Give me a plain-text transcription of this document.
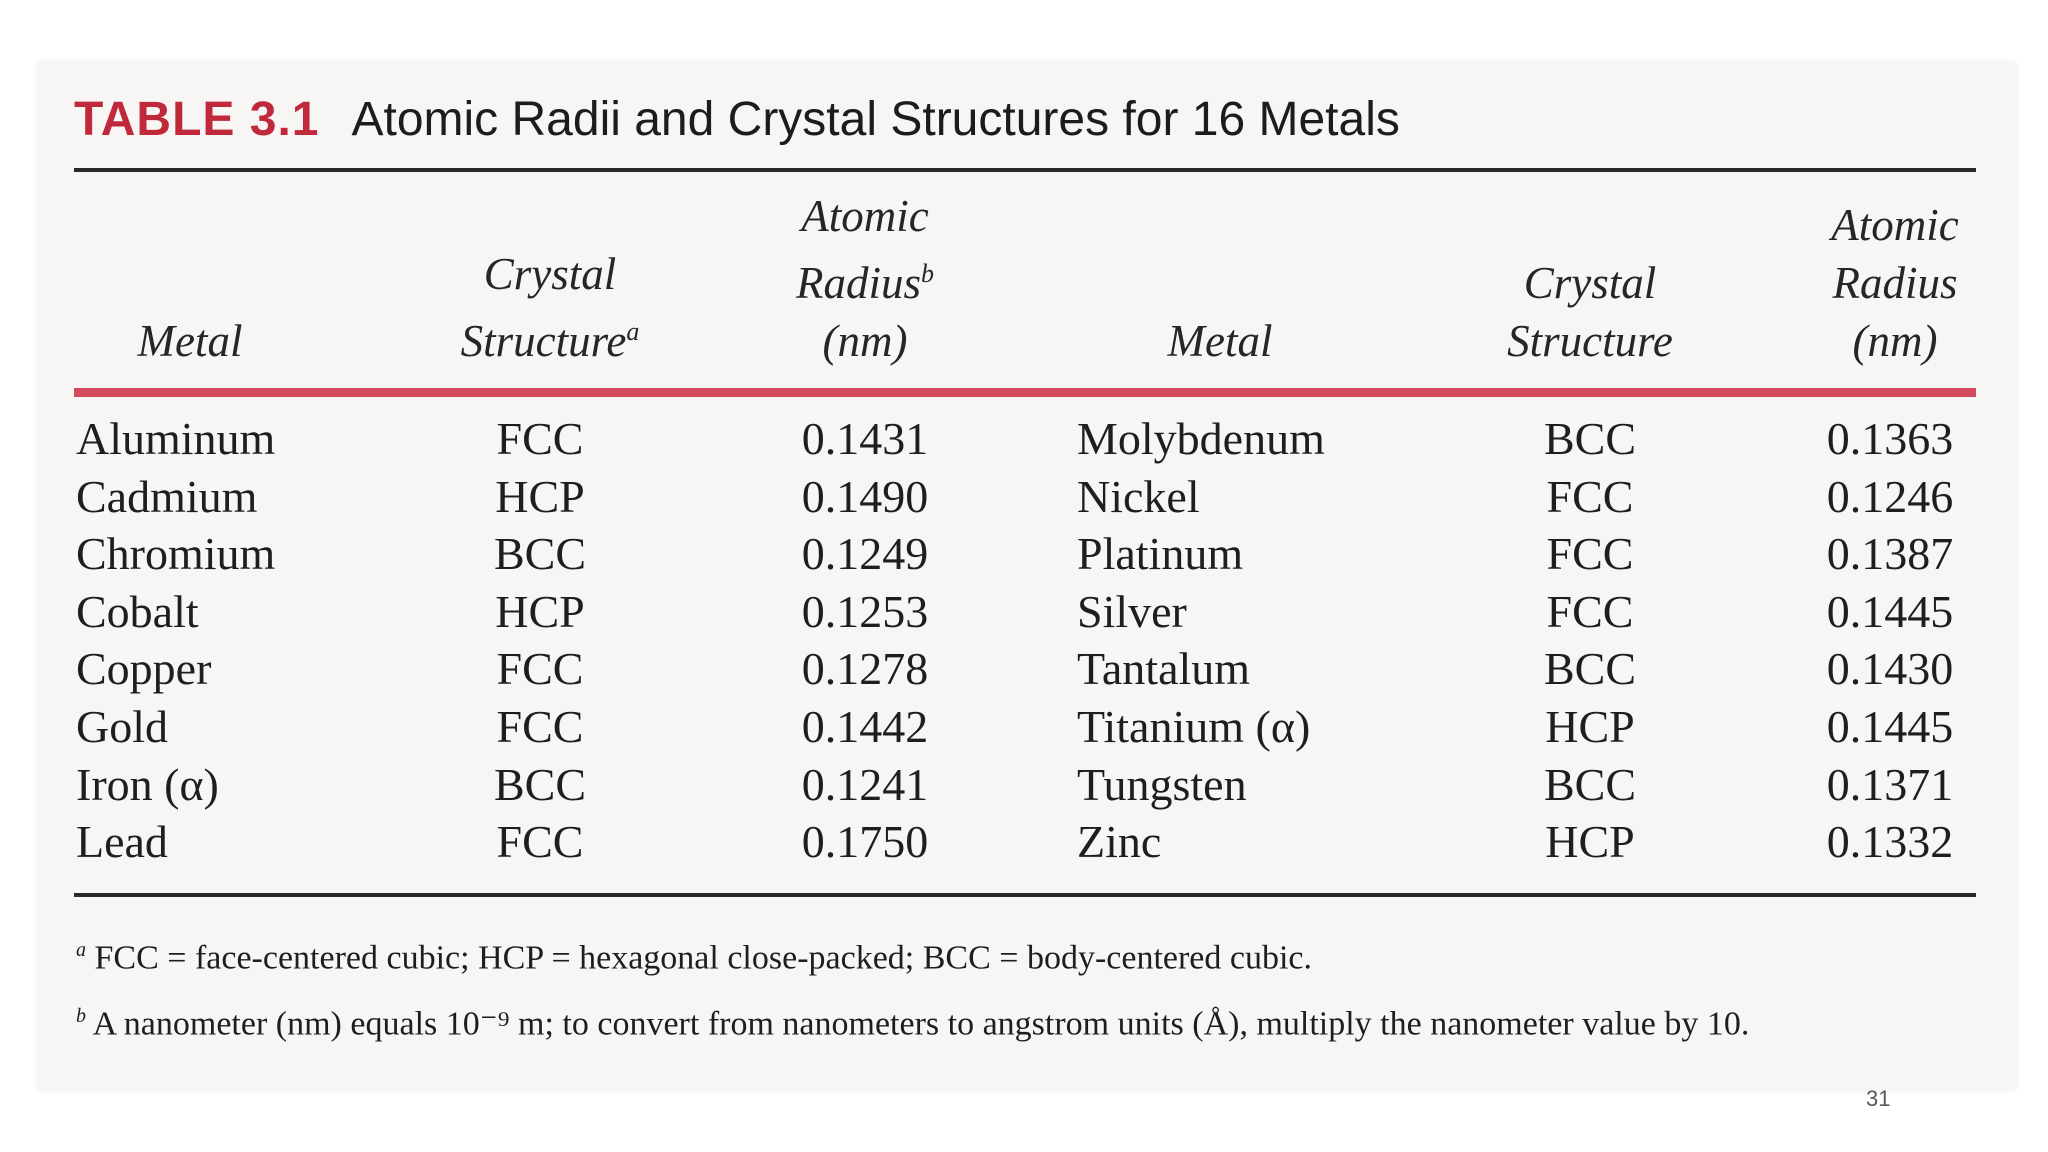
TABLE 3.1 Atomic Radii and Crystal Structures for 16 Metals
Metal
Crystal
Structure$^a$
Atomic
Radius$^b$
(nm)	Metal
Crystal
Structure
Atomic
Radius
(nm)
Aluminum
Cadmium
Chromium
Cobalt
Copper
Gold
Iron (α)
Lead
FCC
HCP
BCC
HCP
FCC
FCC
BCC
FCC
0.1431
0.1490
0.1249
0.1253
0.1278
0.1442
0.1241
0.1750
Molybdenum
Nickel
Platinum
Silver
Tantalum
Titanium (α)
Tungsten
Zinc
BCC
FCC
FCC
FCC
BCC
HCP
BCC
HCP
0.1363
0.1246
0.1387
0.1445
0.1430
0.1445
0.1371
0.1332

$^a$ FCC = face-centered cubic; HCP = hexagonal close-packed; BCC = body-centered cubic.

$^b$ A nanometer (nm) equals 10⁻⁹ m; to convert from nanometers to angstrom units (Å), multiply the nanometer value by 10.

31
